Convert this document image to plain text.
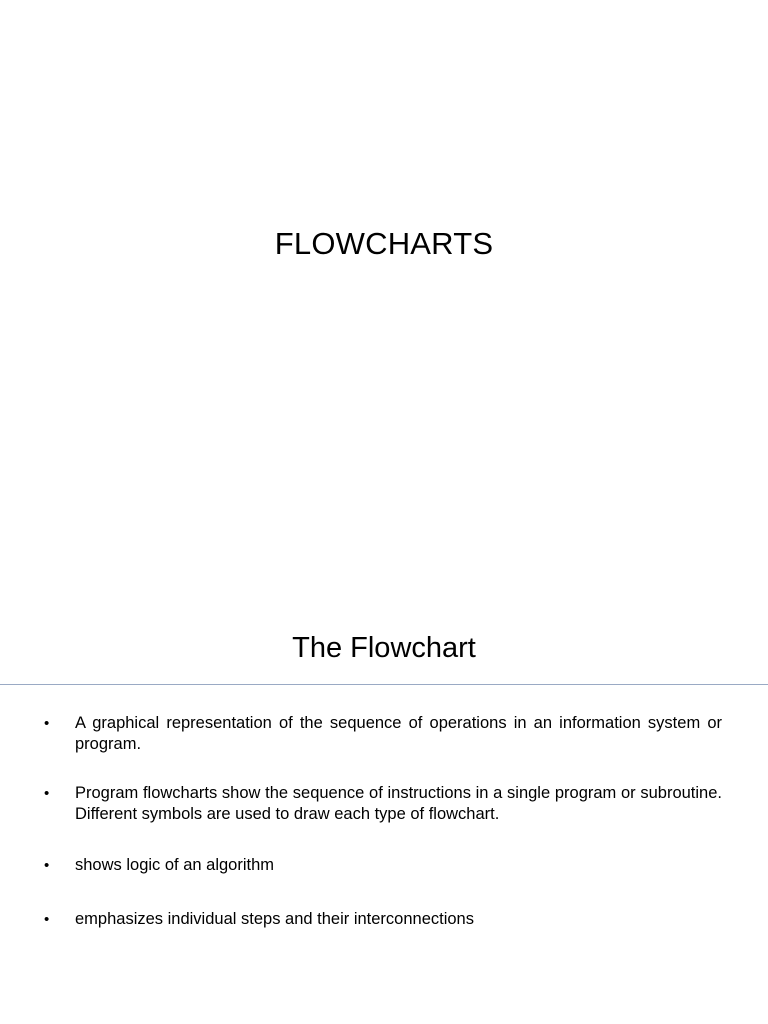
FLOWCHARTS
The Flowchart
• A graphical representation of the sequence of operations in an information system or program.
• Program flowcharts show the sequence of instructions in a single program or subroutine. Different symbols are used to draw each type of flowchart.
• shows logic of an algorithm
• emphasizes individual steps and their interconnections
